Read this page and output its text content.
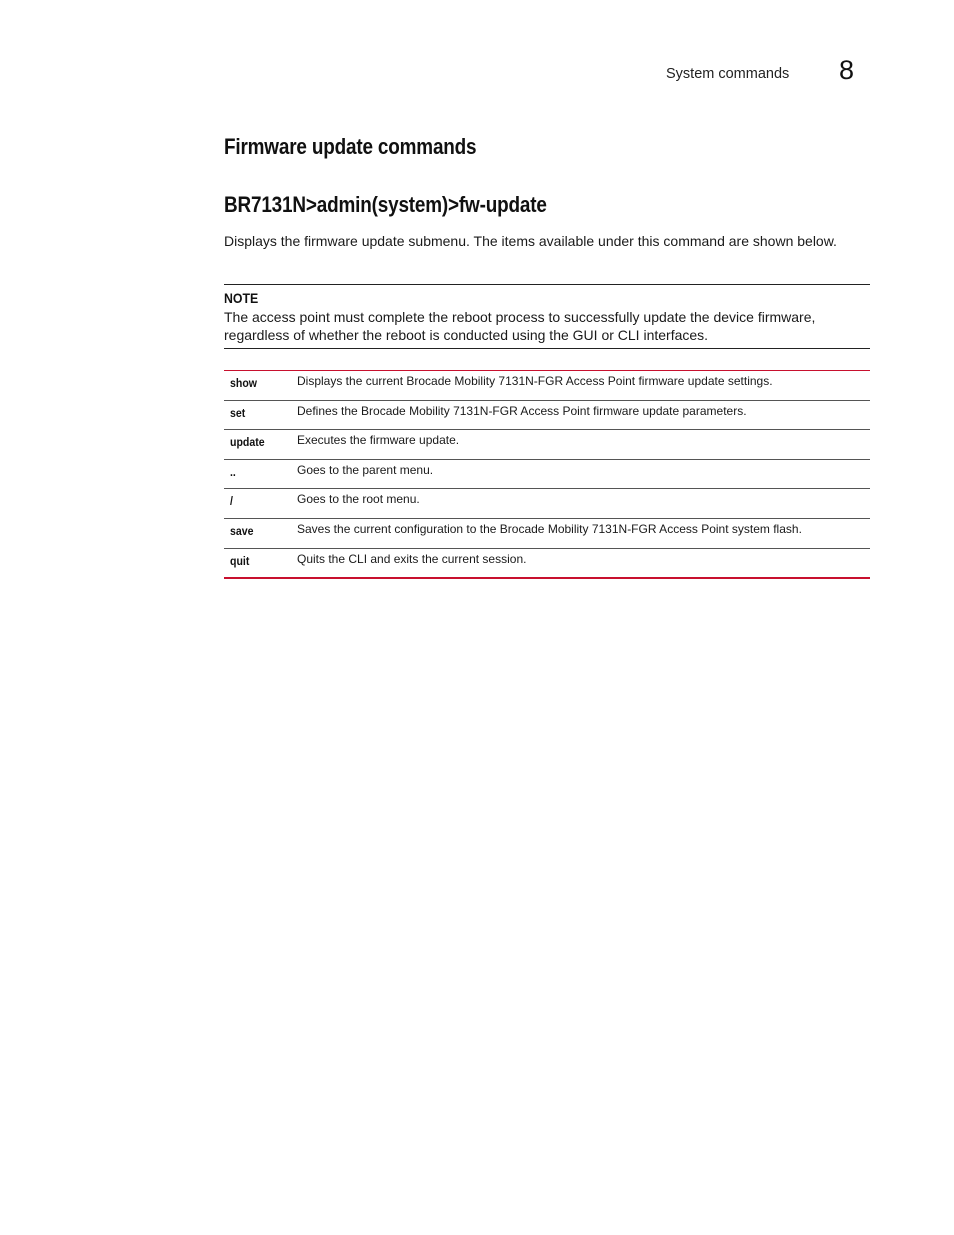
System commands 8
Firmware update commands
BR7131N>admin(system)>fw-update
Displays the firmware update submenu. The items available under this command are shown below.
NOTE
The access point must complete the reboot process to successfully update the device firmware, regardless of whether the reboot is conducted using the GUI or CLI interfaces.
show	Displays the current Brocade Mobility 7131N-FGR Access Point firmware update settings.
set	Defines the Brocade Mobility 7131N-FGR Access Point firmware update parameters.
update	Executes the firmware update.
..	Goes to the parent menu.
/	Goes to the root menu.
save	Saves the current configuration to the Brocade Mobility 7131N-FGR Access Point system flash.
quit	Quits the CLI and exits the current session.
